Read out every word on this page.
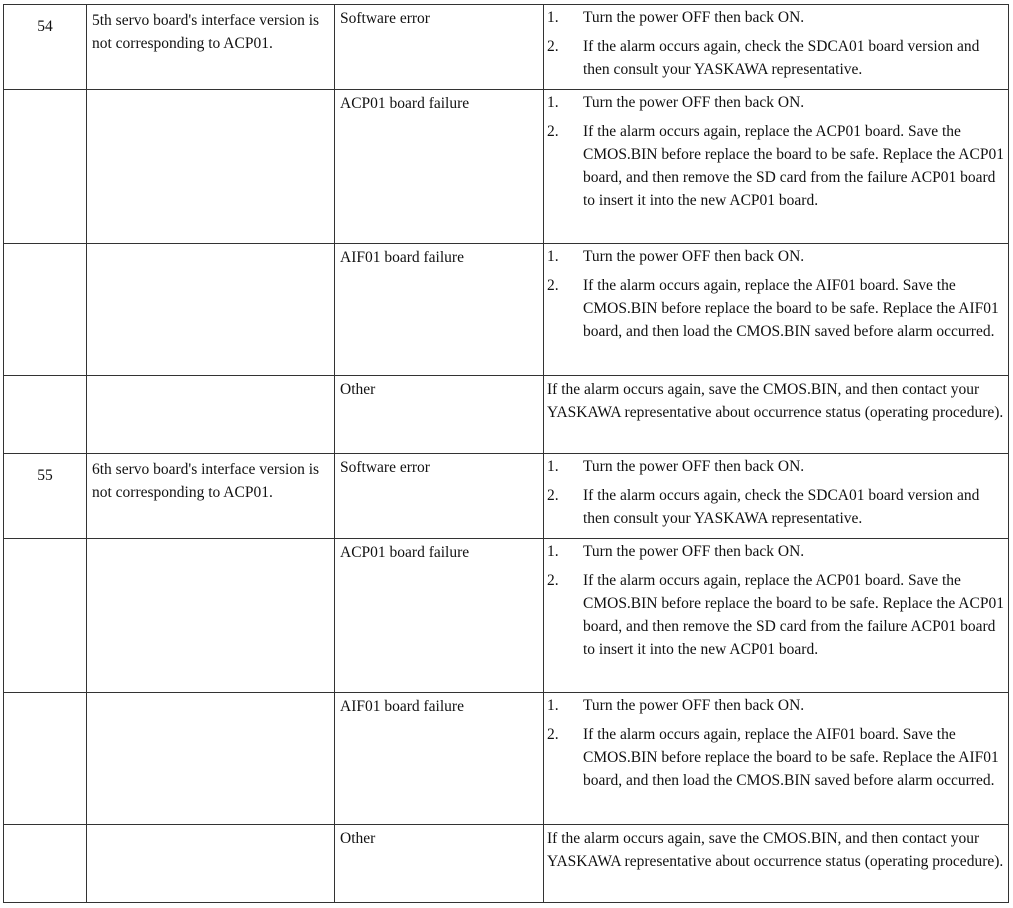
54	5th servo board's interface version is not corresponding to ACP01.	Software error	1. Turn the power OFF then back ON.
2. If the alarm occurs again, check the SDCA01 board version and then consult your YASKAWA representative.

		ACP01 board failure	1. Turn the power OFF then back ON.
2. If the alarm occurs again, replace the ACP01 board. Save the CMOS.BIN before replace the board to be safe. Replace the ACP01 board, and then remove the SD card from the failure ACP01 board to insert it into the new ACP01 board.

		AIF01 board failure	1. Turn the power OFF then back ON.
2. If the alarm occurs again, replace the AIF01 board. Save the CMOS.BIN before replace the board to be safe. Replace the AIF01 board, and then load the CMOS.BIN saved before alarm occurred.

		Other	If the alarm occurs again, save the CMOS.BIN, and then contact your YASKAWA representative about occurrence status (operating procedure).

55	6th servo board's interface version is not corresponding to ACP01.	Software error	1. Turn the power OFF then back ON.
2. If the alarm occurs again, check the SDCA01 board version and then consult your YASKAWA representative.

		ACP01 board failure	1. Turn the power OFF then back ON.
2. If the alarm occurs again, replace the ACP01 board. Save the CMOS.BIN before replace the board to be safe. Replace the ACP01 board, and then remove the SD card from the failure ACP01 board to insert it into the new ACP01 board.

		AIF01 board failure	1. Turn the power OFF then back ON.
2. If the alarm occurs again, replace the AIF01 board. Save the CMOS.BIN before replace the board to be safe. Replace the AIF01 board, and then load the CMOS.BIN saved before alarm occurred.

		Other	If the alarm occurs again, save the CMOS.BIN, and then contact your YASKAWA representative about occurrence status (operating procedure).
